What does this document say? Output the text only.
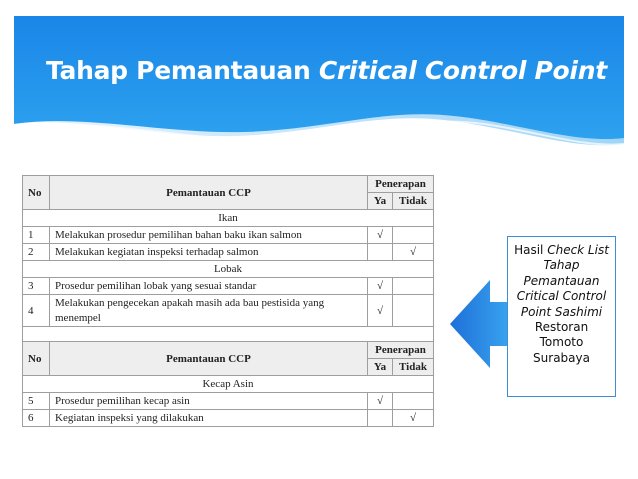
Tahap Pemantauan Critical Control Point
No	Pemantauan CCP	Penerapan	
		Ya	Tidak
Ikan			
1	Melakukan prosedur pemilihan bahan baku ikan salmon	√	
2	Melakukan kegiatan inspeksi terhadap salmon		√
Lobak			
3	Prosedur pemilihan lobak yang sesuai standar	√	
4	Melakukan pengecekan apakah masih ada bau pestisida yang menempel	√	

No	Pemantauan CCP	Penerapan	
		Ya	Tidak
Kecap Asin			
5	Prosedur pemilihan kecap asin	√	
6	Kegiatan inspeksi yang dilakukan		√
Hasil Check List
Tahap
Pemantauan
Critical Control
Point Sashimi
Restoran
Tomoto
Surabaya
